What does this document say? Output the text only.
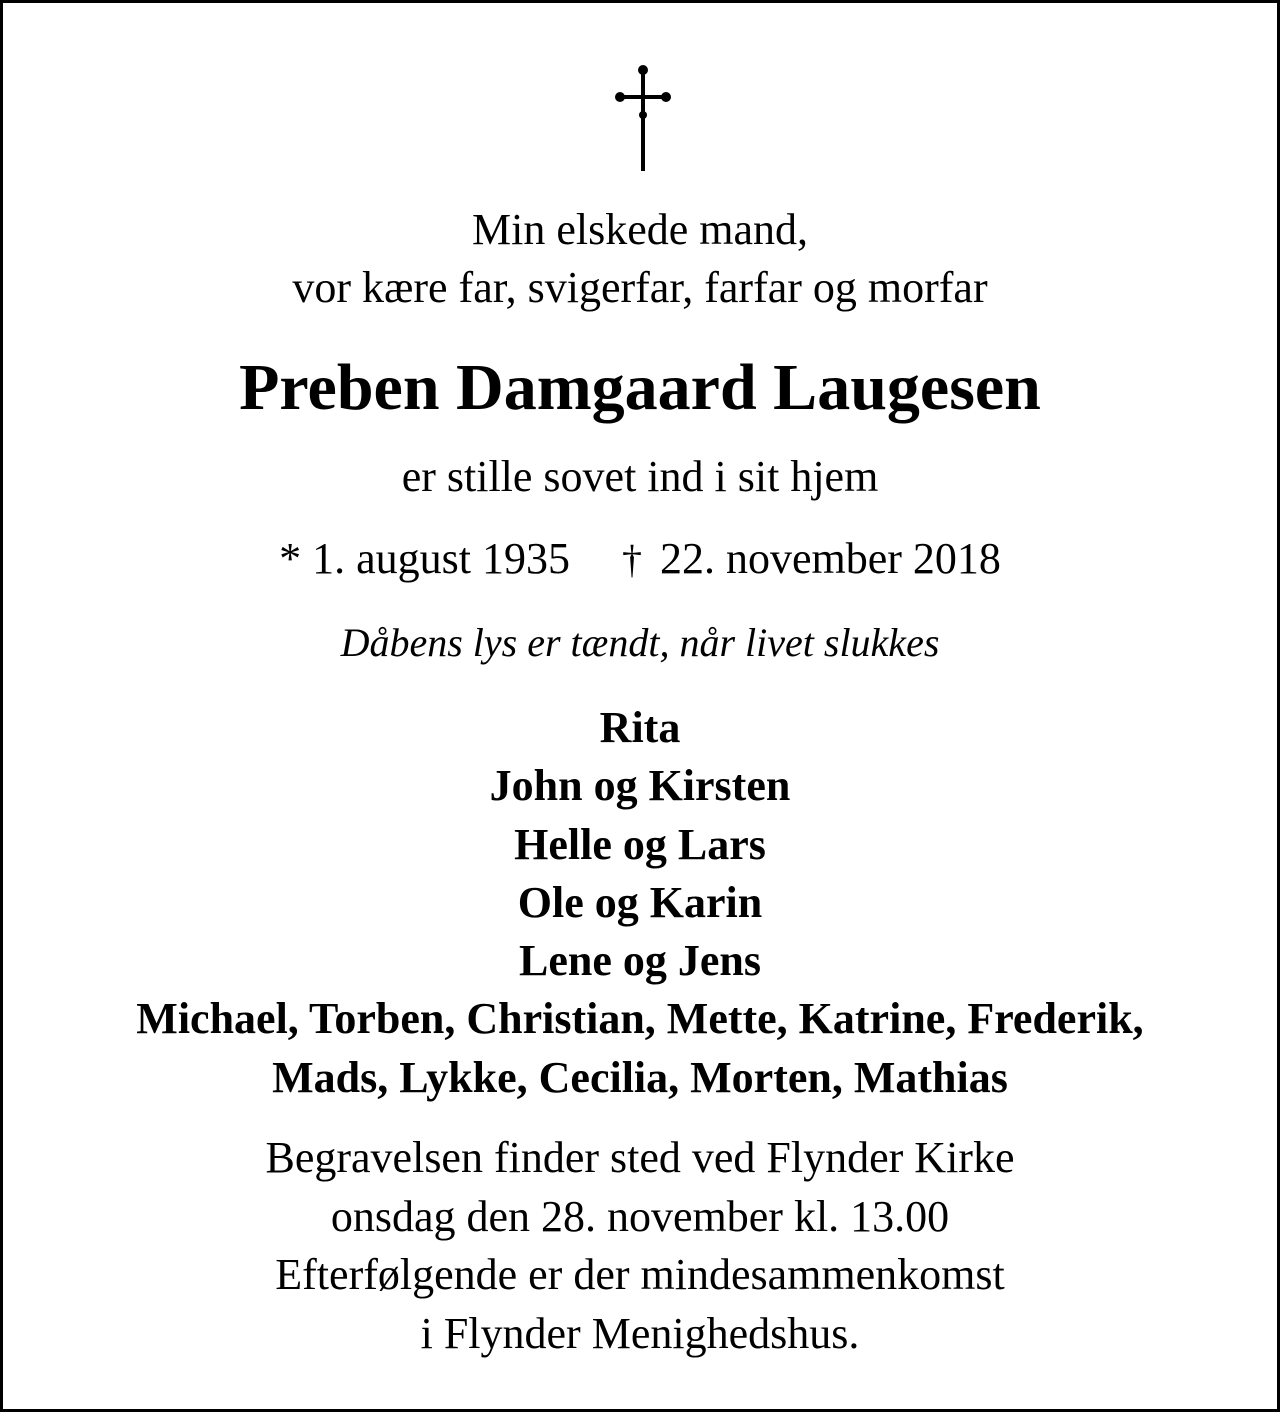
Min elskede mand,
vor kære far, svigerfar, farfar og morfar
Preben Damgaard Laugesen
er stille sovet ind i sit hjem
* 1. august 1935 † 22. november 2018
Dåbens lys er tændt, når livet slukkes
Rita
John og Kirsten
Helle og Lars
Ole og Karin
Lene og Jens
Michael, Torben, Christian, Mette, Katrine, Frederik,
Mads, Lykke, Cecilia, Morten, Mathias
Begravelsen finder sted ved Flynder Kirke
onsdag den 28. november kl. 13.00
Efterfølgende er der mindesammenkomst
i Flynder Menighedshus.
